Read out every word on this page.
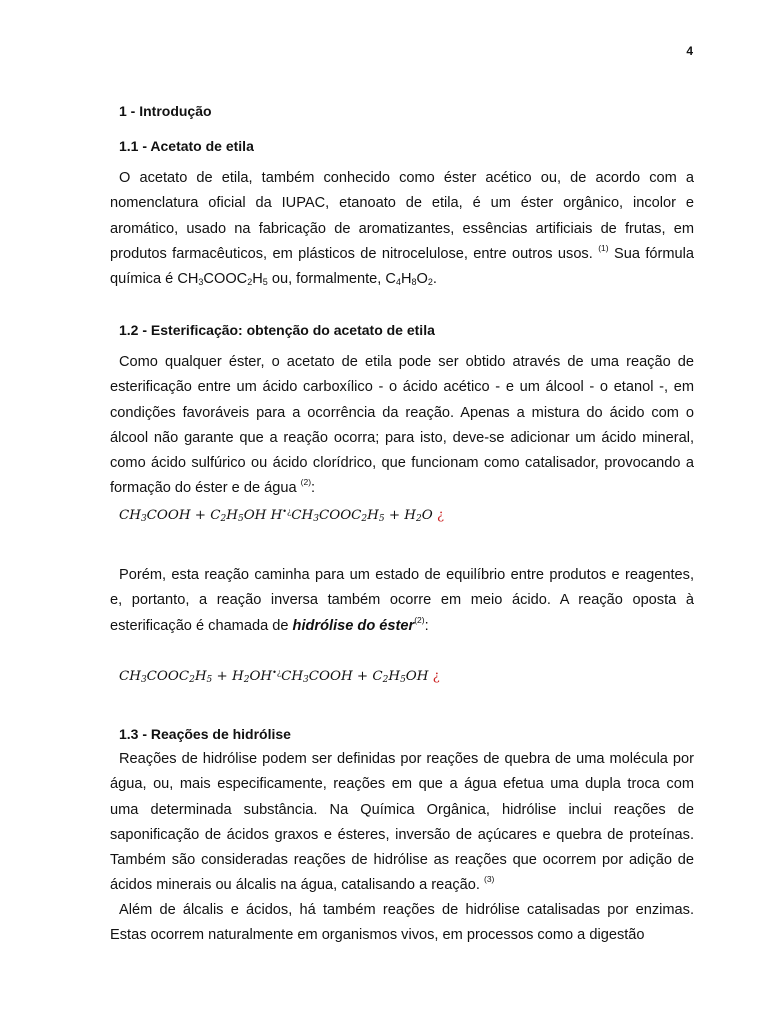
4
1 - Introdução
1.1 - Acetato de etila

O acetato de etila, também conhecido como éster acético ou, de acordo com a nomenclatura oficial da IUPAC, etanoato de etila, é um éster orgânico, incolor e aromático, usado na fabricação de aromatizantes, essências artificiais de frutas, em produtos farmacêuticos, em plásticos de nitrocelulose, entre outros usos. $^{(1)}$ Sua fórmula química é $CH_3COOC_2H_5$ ou, formalmente, $C_4H_8O_2$.

1.2 - Esterificação: obtenção do acetato de etila

Como qualquer éster, o acetato de etila pode ser obtido através de uma reação de esterificação entre um ácido carboxílico - o ácido acético - e um álcool - o etanol -, em condições favoráveis para a ocorrência da reação. Apenas a mistura do ácido com o álcool não garante que a reação ocorra; para isto, deve-se adicionar um ácido mineral, como ácido sulfúrico ou ácido clorídrico, que funcionam como catalisador, provocando a formação do éster e de água $^{(2)}$:

$CH_3COOH + C_2H_5OH$ $H^{•¿}CH_3COOC_2H_5 + H_2O$ ¿

Porém, esta reação caminha para um estado de equilíbrio entre produtos e reagentes, e, portanto, a reação inversa também ocorre em meio ácido. A reação oposta à esterificação é chamada de hidrólise do éster$^{(2)}$:

$CH_3COOC_2H_5$ + $H_2OH^{•¿}CH_3COOH + C_2H_5OH$ ¿
1.3 - Reações de hidrólise

Reações de hidrólise podem ser definidas por reações de quebra de uma molécula por água, ou, mais especificamente, reações em que a água efetua uma dupla troca com uma determinada substância. Na Química Orgânica, hidrólise inclui reações de saponificação de ácidos graxos e ésteres, inversão de açúcares e quebra de proteínas. Também são consideradas reações de hidrólise as reações que ocorrem por adição de ácidos minerais ou álcalis na água, catalisando a reação. $^{(3)}$

Além de álcalis e ácidos, há também reações de hidrólise catalisadas por enzimas. Estas ocorrem naturalmente em organismos vivos, em processos como a digestão
